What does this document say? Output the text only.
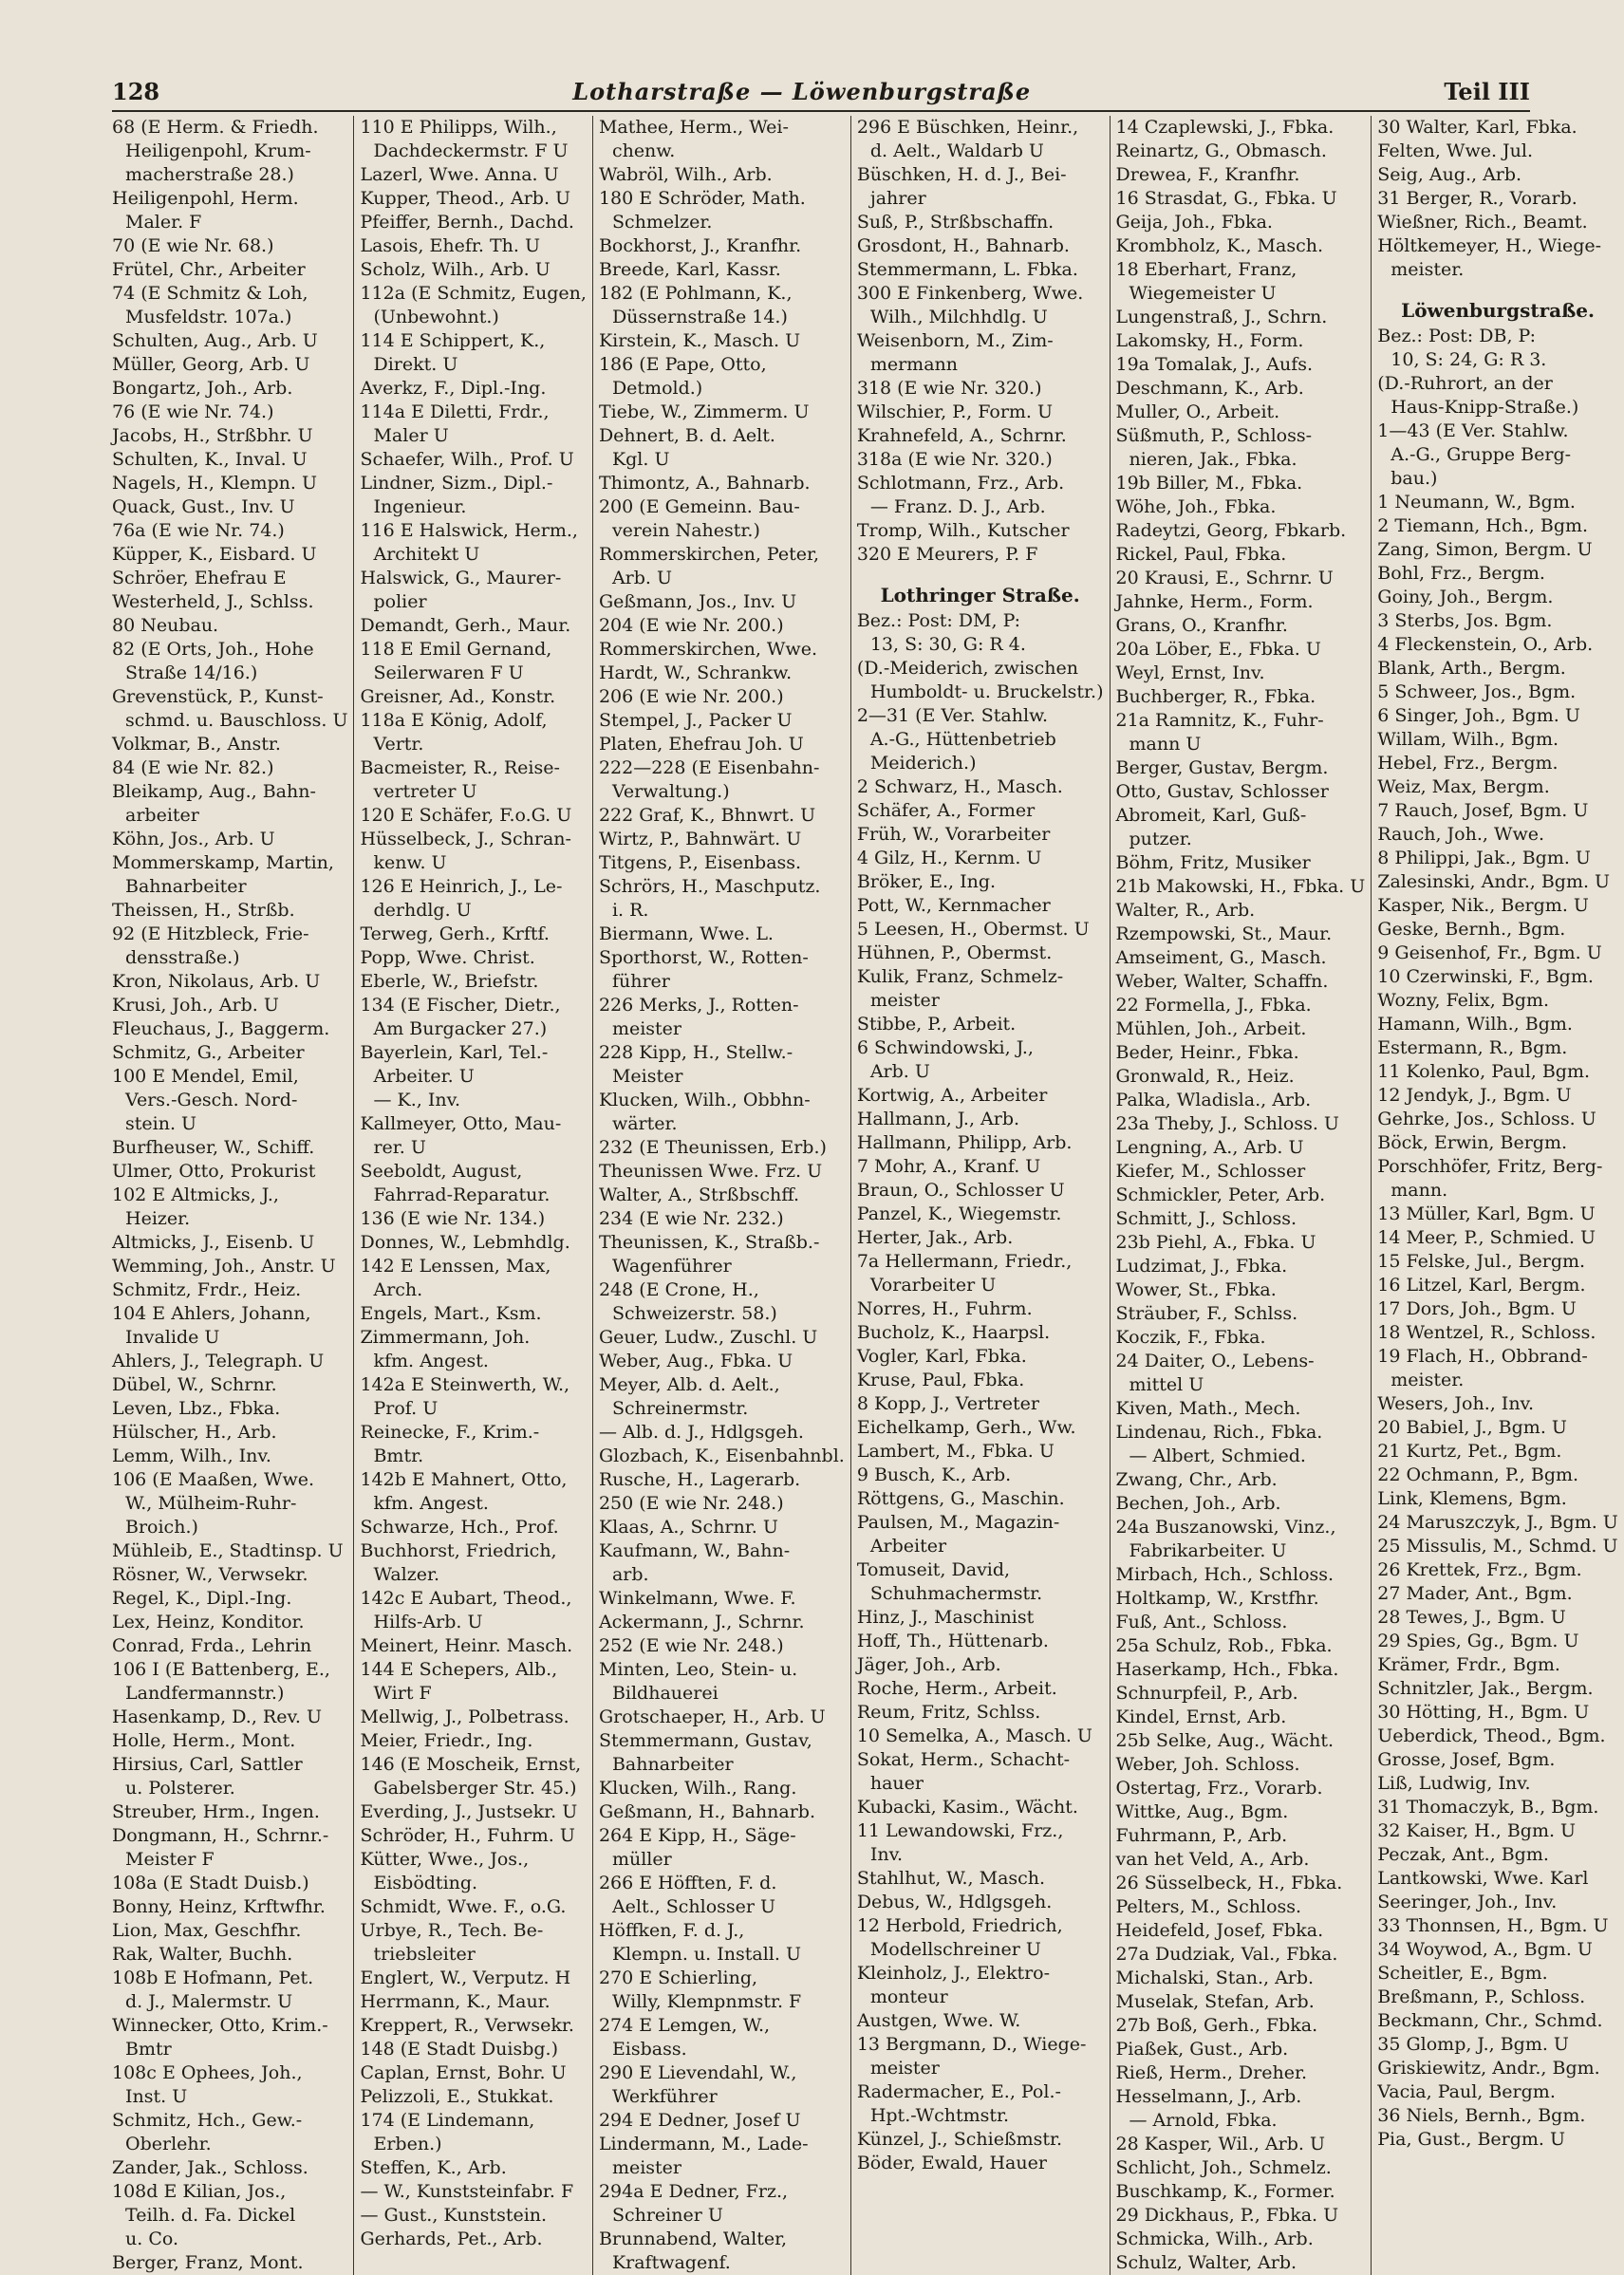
128	Lotharstraße — Löwenburgstraße	Teil III
68 (E Herm. & Friedh.
Heiligenpohl, Krum-
macherstraße 28.)
Heiligenpohl, Herm.
Maler. F
70 (E wie Nr. 68.)
Frütel, Chr., Arbeiter
74 (E Schmitz & Loh,
Musfeldstr. 107a.)
Schulten, Aug., Arb. U
Müller, Georg, Arb. U
Bongartz, Joh., Arb.
76 (E wie Nr. 74.)
Jacobs, H., Strßbhr. U
Schulten, K., Inval. U
Nagels, H., Klempn. U
Quack, Gust., Inv. U
76a (E wie Nr. 74.)
Küpper, K., Eisbard. U
Schröer, Ehefrau E
Westerheld, J., Schlss.
80 Neubau.
82 (E Orts, Joh., Hohe
Straße 14/16.)
Grevenstück, P., Kunst-
schmd. u. Bauschloss. U
Volkmar, B., Anstr.
84 (E wie Nr. 82.)
Bleikamp, Aug., Bahn-
arbeiter
Köhn, Jos., Arb. U
Mommerskamp, Martin,
Bahnarbeiter
Theissen, H., Strßb.
92 (E Hitzbleck, Frie-
densstraße.)
Kron, Nikolaus, Arb. U
Krusi, Joh., Arb. U
Fleuchaus, J., Baggerm.
Schmitz, G., Arbeiter
100 E Mendel, Emil,
Vers.-Gesch. Nord-
stein. U
Burfheuser, W., Schiff.
Ulmer, Otto, Prokurist
102 E Altmicks, J.,
Heizer.
Altmicks, J., Eisenb. U
Wemming, Joh., Anstr. U
Schmitz, Frdr., Heiz.
104 E Ahlers, Johann,
Invalide U
Ahlers, J., Telegraph. U
Dübel, W., Schrnr.
Leven, Lbz., Fbka.
Hülscher, H., Arb.
Lemm, Wilh., Inv.
106 (E Maaßen, Wwe.
W., Mülheim-Ruhr-
Broich.)
Mühleib, E., Stadtinsp. U
Rösner, W., Verwsekr.
Regel, K., Dipl.-Ing.
Lex, Heinz, Konditor.
Conrad, Frda., Lehrin
106 I (E Battenberg, E.,
Landfermannstr.)
Hasenkamp, D., Rev. U
Holle, Herm., Mont.
Hirsius, Carl, Sattler
u. Polsterer.
Streuber, Hrm., Ingen.
Dongmann, H., Schrnr.-
Meister F
108a (E Stadt Duisb.)
Bonny, Heinz, Krftwfhr.
Lion, Max, Geschfhr.
Rak, Walter, Buchh.
108b E Hofmann, Pet.
d. J., Malermstr. U
Winnecker, Otto, Krim.-
Bmtr
108c E Ophees, Joh.,
Inst. U
Schmitz, Hch., Gew.-
Oberlehr.
Zander, Jak., Schloss.
108d E Kilian, Jos.,
Teilh. d. Fa. Dickel
u. Co.
Berger, Franz, Mont.
110 E Philipps, Wilh.,
Dachdeckermstr. F U
Lazerl, Wwe. Anna. U
Kupper, Theod., Arb. U
Pfeiffer, Bernh., Dachd.
Lasois, Ehefr. Th. U
Scholz, Wilh., Arb. U
112a (E Schmitz, Eugen,
(Unbewohnt.)
114 E Schippert, K.,
Direkt. U
Averkz, F., Dipl.-Ing.
114a E Diletti, Frdr.,
Maler U
Schaefer, Wilh., Prof. U
Lindner, Sizm., Dipl.-
Ingenieur.
116 E Halswick, Herm.,
Architekt U
Halswick, G., Maurer-
polier
Demandt, Gerh., Maur.
118 E Emil Gernand,
Seilerwaren F U
Greisner, Ad., Konstr.
118a E König, Adolf,
Vertr.
Bacmeister, R., Reise-
vertreter U
120 E Schäfer, F.o.G. U
Hüsselbeck, J., Schran-
kenw. U
126 E Heinrich, J., Le-
derhdlg. U
Terweg, Gerh., Krftf.
Popp, Wwe. Christ.
Eberle, W., Briefstr.
134 (E Fischer, Dietr.,
Am Burgacker 27.)
Bayerlein, Karl, Tel.-
Arbeiter. U
— K., Inv.
Kallmeyer, Otto, Mau-
rer. U
Seeboldt, August,
Fahrrad-Reparatur.
136 (E wie Nr. 134.)
Donnes, W., Lebmhdlg.
142 E Lenssen, Max,
Arch.
Engels, Mart., Ksm.
Zimmermann, Joh.
kfm. Angest.
142a E Steinwerth, W.,
Prof. U
Reinecke, F., Krim.-
Bmtr.
142b E Mahnert, Otto,
kfm. Angest.
Schwarze, Hch., Prof.
Buchhorst, Friedrich,
Walzer.
142c E Aubart, Theod.,
Hilfs-Arb. U
Meinert, Heinr. Masch.
144 E Schepers, Alb.,
Wirt F
Mellwig, J., Polbetrass.
Meier, Friedr., Ing.
146 (E Moscheik, Ernst,
Gabelsberger Str. 45.)
Everding, J., Justsekr. U
Schröder, H., Fuhrm. U
Kütter, Wwe., Jos.,
Eisbödting.
Schmidt, Wwe. F., o.G.
Urbye, R., Tech. Be-
triebsleiter
Englert, W., Verputz. H
Herrmann, K., Maur.
Kreppert, R., Verwsekr.
148 (E Stadt Duisbg.)
Caplan, Ernst, Bohr. U
Pelizzoli, E., Stukkat.
174 (E Lindemann,
Erben.)
Steffen, K., Arb.
— W., Kunststeinfabr. F
— Gust., Kunststein.
Gerhards, Pet., Arb.
Mathee, Herm., Wei-
chenw.
Wabröl, Wilh., Arb.
180 E Schröder, Math.
Schmelzer.
Bockhorst, J., Kranfhr.
Breede, Karl, Kassr.
182 (E Pohlmann, K.,
Düssernstraße 14.)
Kirstein, K., Masch. U
186 (E Pape, Otto,
Detmold.)
Tiebe, W., Zimmerm. U
Dehnert, B. d. Aelt.
Kgl. U
Thimontz, A., Bahnarb.
200 (E Gemeinn. Bau-
verein Nahestr.)
Rommerskirchen, Peter,
Arb. U
Geßmann, Jos., Inv. U
204 (E wie Nr. 200.)
Rommerskirchen, Wwe.
Hardt, W., Schrankw.
206 (E wie Nr. 200.)
Stempel, J., Packer U
Platen, Ehefrau Joh. U
222—228 (E Eisenbahn-
Verwaltung.)
222 Graf, K., Bhnwrt. U
Wirtz, P., Bahnwärt. U
Titgens, P., Eisenbass.
Schrörs, H., Maschputz.
i. R.
Biermann, Wwe. L.
Sporthorst, W., Rotten-
führer
226 Merks, J., Rotten-
meister
228 Kipp, H., Stellw.-
Meister
Klucken, Wilh., Obbhn-
wärter.
232 (E Theunissen, Erb.)
Theunissen Wwe. Frz. U
Walter, A., Strßbschff.
234 (E wie Nr. 232.)
Theunissen, K., Straßb.-
Wagenführer
248 (E Crone, H.,
Schweizerstr. 58.)
Geuer, Ludw., Zuschl. U
Weber, Aug., Fbka. U
Meyer, Alb. d. Aelt.,
Schreinermstr.
— Alb. d. J., Hdlgsgeh.
Glozbach, K., Eisenbahnbl.
Rusche, H., Lagerarb.
250 (E wie Nr. 248.)
Klaas, A., Schrnr. U
Kaufmann, W., Bahn-
arb.
Winkelmann, Wwe. F.
Ackermann, J., Schrnr.
252 (E wie Nr. 248.)
Minten, Leo, Stein- u.
Bildhauerei
Grotschaeper, H., Arb. U
Stemmermann, Gustav,
Bahnarbeiter
Klucken, Wilh., Rang.
Geßmann, H., Bahnarb.
264 E Kipp, H., Säge-
müller
266 E Höfften, F. d.
Aelt., Schlosser U
Höffken, F. d. J.,
Klempn. u. Install. U
270 E Schierling,
Willy, Klempnmstr. F
274 E Lemgen, W.,
Eisbass.
290 E Lievendahl, W.,
Werkführer
294 E Dedner, Josef U
Lindermann, M., Lade-
meister
294a E Dedner, Frz.,
Schreiner U
Brunnabend, Walter,
Kraftwagenf.
296 E Büschken, Heinr.,
d. Aelt., Waldarb U
Büschken, H. d. J., Bei-
jahrer
Suß, P., Strßbschaffn.
Grosdont, H., Bahnarb.
Stemmermann, L. Fbka.
300 E Finkenberg, Wwe.
Wilh., Milchhdlg. U
Weisenborn, M., Zim-
mermann
318 (E wie Nr. 320.)
Wilschier, P., Form. U
Krahnefeld, A., Schrnr.
318a (E wie Nr. 320.)
Schlotmann, Frz., Arb.
— Franz. D. J., Arb.
Tromp, Wilh., Kutscher
320 E Meurers, P. F
Lothringer Straße.
Bez.: Post: DM, P:
13, S: 30, G: R 4.
(D.-Meiderich, zwischen
Humboldt- u. Bruckelstr.)
2—31 (E Ver. Stahlw.
A.-G., Hüttenbetrieb
Meiderich.)
2 Schwarz, H., Masch.
Schäfer, A., Former
Früh, W., Vorarbeiter
4 Gilz, H., Kernm. U
Bröker, E., Ing.
Pott, W., Kernmacher
5 Leesen, H., Obermst. U
Hühnen, P., Obermst.
Kulik, Franz, Schmelz-
meister
Stibbe, P., Arbeit.
6 Schwindowski, J.,
Arb. U
Kortwig, A., Arbeiter
Hallmann, J., Arb.
Hallmann, Philipp, Arb.
7 Mohr, A., Kranf. U
Braun, O., Schlosser U
Panzel, K., Wiegemstr.
Herter, Jak., Arb.
7a Hellermann, Friedr.,
Vorarbeiter U
Norres, H., Fuhrm.
Bucholz, K., Haarpsl.
Vogler, Karl, Fbka.
Kruse, Paul, Fbka.
8 Kopp, J., Vertreter
Eichelkamp, Gerh., Ww.
Lambert, M., Fbka. U
9 Busch, K., Arb.
Röttgens, G., Maschin.
Paulsen, M., Magazin-
Arbeiter
Tomuseit, David,
Schuhmachermstr.
Hinz, J., Maschinist
Hoff, Th., Hüttenarb.
Jäger, Joh., Arb.
Roche, Herm., Arbeit.
Reum, Fritz, Schlss.
10 Semelka, A., Masch. U
Sokat, Herm., Schacht-
hauer
Kubacki, Kasim., Wächt.
11 Lewandowski, Frz.,
Inv.
Stahlhut, W., Masch.
Debus, W., Hdlgsgeh.
12 Herbold, Friedrich,
Modellschreiner U
Kleinholz, J., Elektro-
monteur
Austgen, Wwe. W.
13 Bergmann, D., Wiege-
meister
Radermacher, E., Pol.-
Hpt.-Wchtmstr.
Künzel, J., Schießmstr.
Böder, Ewald, Hauer
14 Czaplewski, J., Fbka.
Reinartz, G., Obmasch.
Drewea, F., Kranfhr.
16 Strasdat, G., Fbka. U
Geija, Joh., Fbka.
Krombholz, K., Masch.
18 Eberhart, Franz,
Wiegemeister U
Lungenstraß, J., Schrn.
Lakomsky, H., Form.
19a Tomalak, J., Aufs.
Deschmann, K., Arb.
Muller, O., Arbeit.
Süßmuth, P., Schloss-
nieren, Jak., Fbka.
19b Biller, M., Fbka.
Wöhe, Joh., Fbka.
Radeytzi, Georg, Fbkarb.
Rickel, Paul, Fbka.
20 Krausi, E., Schrnr. U
Jahnke, Herm., Form.
Grans, O., Kranfhr.
20a Löber, E., Fbka. U
Weyl, Ernst, Inv.
Buchberger, R., Fbka.
21a Ramnitz, K., Fuhr-
mann U
Berger, Gustav, Bergm.
Otto, Gustav, Schlosser
Abromeit, Karl, Guß-
putzer.
Böhm, Fritz, Musiker
21b Makowski, H., Fbka. U
Walter, R., Arb.
Rzempowski, St., Maur.
Amseiment, G., Masch.
Weber, Walter, Schaffn.
22 Formella, J., Fbka.
Mühlen, Joh., Arbeit.
Beder, Heinr., Fbka.
Gronwald, R., Heiz.
Palka, Wladisla., Arb.
23a Theby, J., Schloss. U
Lengning, A., Arb. U
Kiefer, M., Schlosser
Schmickler, Peter, Arb.
Schmitt, J., Schloss.
23b Piehl, A., Fbka. U
Ludzimat, J., Fbka.
Wower, St., Fbka.
Sträuber, F., Schlss.
Koczik, F., Fbka.
24 Daiter, O., Lebens-
mittel U
Kiven, Math., Mech.
Lindenau, Rich., Fbka.
— Albert, Schmied.
Zwang, Chr., Arb.
Bechen, Joh., Arb.
24a Buszanowski, Vinz.,
Fabrikarbeiter. U
Mirbach, Hch., Schloss.
Holtkamp, W., Krstfhr.
Fuß, Ant., Schloss.
25a Schulz, Rob., Fbka.
Haserkamp, Hch., Fbka.
Schnurpfeil, P., Arb.
Kindel, Ernst, Arb.
25b Selke, Aug., Wächt.
Weber, Joh. Schloss.
Ostertag, Frz., Vorarb.
Wittke, Aug., Bgm.
Fuhrmann, P., Arb.
van het Veld, A., Arb.
26 Süsselbeck, H., Fbka.
Pelters, M., Schloss.
Heidefeld, Josef, Fbka.
27a Dudziak, Val., Fbka.
Michalski, Stan., Arb.
Muselak, Stefan, Arb.
27b Boß, Gerh., Fbka.
Piaßek, Gust., Arb.
Rieß, Herm., Dreher.
Hesselmann, J., Arb.
— Arnold, Fbka.
28 Kasper, Wil., Arb. U
Schlicht, Joh., Schmelz.
Buschkamp, K., Former.
29 Dickhaus, P., Fbka. U
Schmicka, Wilh., Arb.
Schulz, Walter, Arb.
30 Walter, Karl, Fbka.
Felten, Wwe. Jul.
Seig, Aug., Arb.
31 Berger, R., Vorarb.
Wießner, Rich., Beamt.
Höltkemeyer, H., Wiege-
meister.
Löwenburgstraße.
Bez.: Post: DB, P:
10, S: 24, G: R 3.
(D.-Ruhrort, an der
Haus-Knipp-Straße.)
1—43 (E Ver. Stahlw.
A.-G., Gruppe Berg-
bau.)
1 Neumann, W., Bgm.
2 Tiemann, Hch., Bgm.
Zang, Simon, Bergm. U
Bohl, Frz., Bergm.
Goiny, Joh., Bergm.
3 Sterbs, Jos. Bgm.
4 Fleckenstein, O., Arb.
Blank, Arth., Bergm.
5 Schweer, Jos., Bgm.
6 Singer, Joh., Bgm. U
Willam, Wilh., Bgm.
Hebel, Frz., Bergm.
Weiz, Max, Bergm.
7 Rauch, Josef, Bgm. U
Rauch, Joh., Wwe.
8 Philippi, Jak., Bgm. U
Zalesinski, Andr., Bgm. U
Kasper, Nik., Bergm. U
Geske, Bernh., Bgm.
9 Geisenhof, Fr., Bgm. U
10 Czerwinski, F., Bgm.
Wozny, Felix, Bgm.
Hamann, Wilh., Bgm.
Estermann, R., Bgm.
11 Kolenko, Paul, Bgm.
12 Jendyk, J., Bgm. U
Gehrke, Jos., Schloss. U
Böck, Erwin, Bergm.
Porschhöfer, Fritz, Berg-
mann.
13 Müller, Karl, Bgm. U
14 Meer, P., Schmied. U
15 Felske, Jul., Bergm.
16 Litzel, Karl, Bergm.
17 Dors, Joh., Bgm. U
18 Wentzel, R., Schloss.
19 Flach, H., Obbrand-
meister.
Wesers, Joh., Inv.
20 Babiel, J., Bgm. U
21 Kurtz, Pet., Bgm.
22 Ochmann, P., Bgm.
Link, Klemens, Bgm.
24 Maruszczyk, J., Bgm. U
25 Missulis, M., Schmd. U
26 Krettek, Frz., Bgm.
27 Mader, Ant., Bgm.
28 Tewes, J., Bgm. U
29 Spies, Gg., Bgm. U
Krämer, Frdr., Bgm.
Schnitzler, Jak., Bergm.
30 Hötting, H., Bgm. U
Ueberdick, Theod., Bgm.
Grosse, Josef, Bgm.
Liß, Ludwig, Inv.
31 Thomaczyk, B., Bgm.
32 Kaiser, H., Bgm. U
Peczak, Ant., Bgm.
Lantkowski, Wwe. Karl
Seeringer, Joh., Inv.
33 Thonnsen, H., Bgm. U
34 Woywod, A., Bgm. U
Scheitler, E., Bgm.
Breßmann, P., Schloss.
Beckmann, Chr., Schmd.
35 Glomp, J., Bgm. U
Griskiewitz, Andr., Bgm.
Vacia, Paul, Bergm.
36 Niels, Bernh., Bgm.
Pia, Gust., Bergm. U
